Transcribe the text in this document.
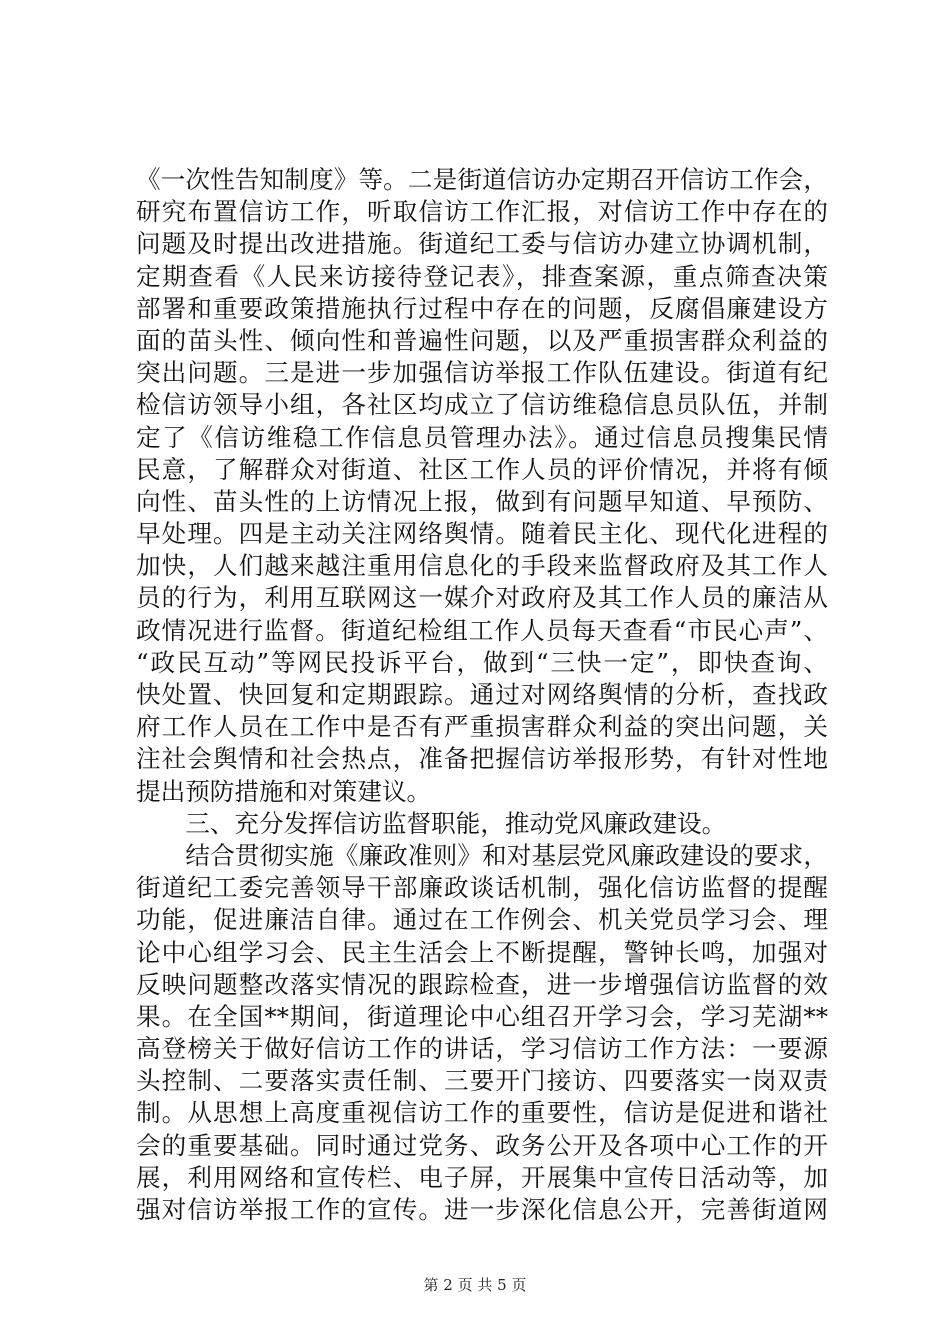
《一次性告知制度》等。二是街道信访办定期召开信访工作会，
研究布置信访工作，听取信访工作汇报，对信访工作中存在的
问题及时提出改进措施。街道纪工委与信访办建立协调机制，
定期查看《人民来访接待登记表》，排查案源，重点筛查决策
部署和重要政策措施执行过程中存在的问题，反腐倡廉建设方
面的苗头性、倾向性和普遍性问题，以及严重损害群众利益的
突出问题。三是进一步加强信访举报工作队伍建设。街道有纪
检信访领导小组，各社区均成立了信访维稳信息员队伍，并制
定了《信访维稳工作信息员管理办法》。通过信息员搜集民情
民意，了解群众对街道、社区工作人员的评价情况，并将有倾
向性、苗头性的上访情况上报，做到有问题早知道、早预防、
早处理。四是主动关注网络舆情。随着民主化、现代化进程的
加快，人们越来越注重用信息化的手段来监督政府及其工作人
员的行为，利用互联网这一媒介对政府及其工作人员的廉洁从
政情况进行监督。街道纪检组工作人员每天查看“市民心声”、
“政民互动”等网民投诉平台，做到“三快一定”，即快查询、
快处置、快回复和定期跟踪。通过对网络舆情的分析，查找政
府工作人员在工作中是否有严重损害群众利益的突出问题，关
注社会舆情和社会热点，准备把握信访举报形势，有针对性地
提出预防措施和对策建议。
　　三、充分发挥信访监督职能，推动党风廉政建设。
　　结合贯彻实施《廉政准则》和对基层党风廉政建设的要求，
街道纪工委完善领导干部廉政谈话机制，强化信访监督的提醒
功能，促进廉洁自律。通过在工作例会、机关党员学习会、理
论中心组学习会、民主生活会上不断提醒，警钟长鸣，加强对
反映问题整改落实情况的跟踪检查，进一步增强信访监督的效
果。在全国**期间，街道理论中心组召开学习会，学习芜湖**
高登榜关于做好信访工作的讲话，学习信访工作方法：一要源
头控制、二要落实责任制、三要开门接访、四要落实一岗双责
制。从思想上高度重视信访工作的重要性，信访是促进和谐社
会的重要基础。同时通过党务、政务公开及各项中心工作的开
展，利用网络和宣传栏、电子屏，开展集中宣传日活动等，加
强对信访举报工作的宣传。进一步深化信息公开，完善街道网
第 2 页 共 5 页
